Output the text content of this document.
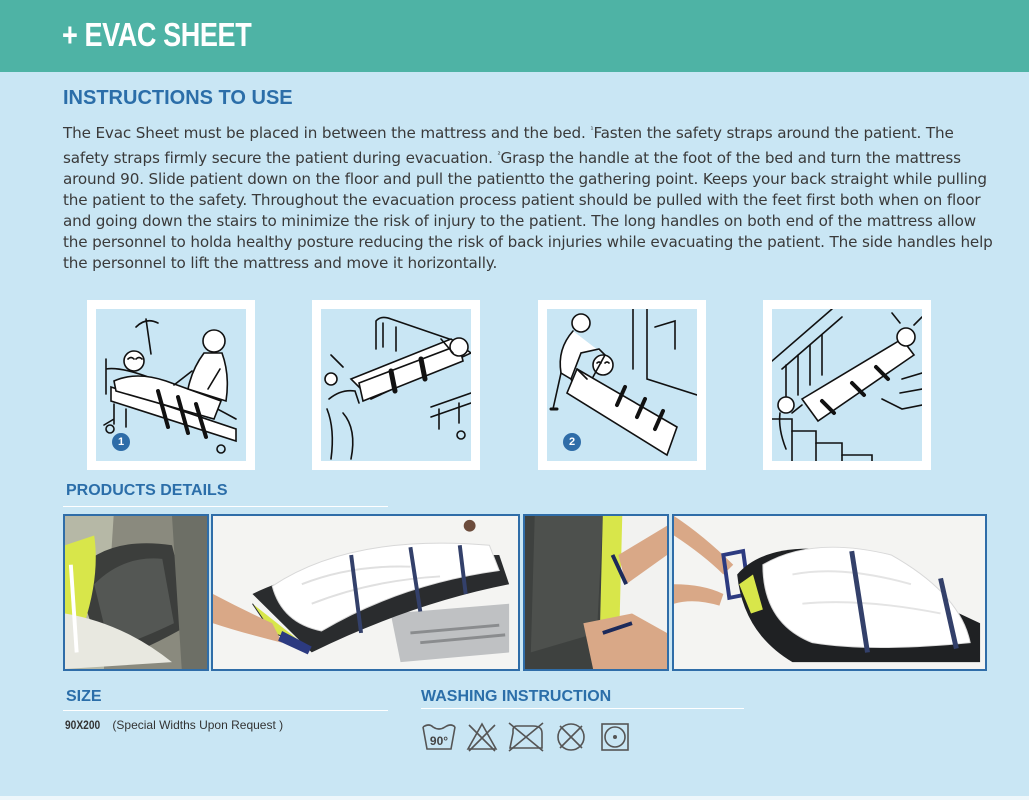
+ EVAC SHEET
INSTRUCTIONS TO USE

The Evac Sheet must be placed in between the mattress and the bed. $^{^1}$Fasten the safety straps around the patient. The safety straps firmly secure the patient during evacuation. $^{^2}$Grasp the handle at the foot of the bed and turn the mattress around 90. Slide patient down on the floor and pull the patientto the gathering point. Keeps your back straight while pulling the patient to the safety. Throughout the evacuation process patient should be pulled with the feet first both when on floor and going down the stairs to minimize the risk of injury to the patient. The long handles on both end of the mattress allow the personnel to holda healthy posture reducing the risk of back injuries while evacuating the patient. The side handles help the personnel to lift the mattress and move it horizontally.

1	2
PRODUCTS DETAILS
SIZE
90X200 (Special Widths Upon Request )
WASHING INSTRUCTION
90°
